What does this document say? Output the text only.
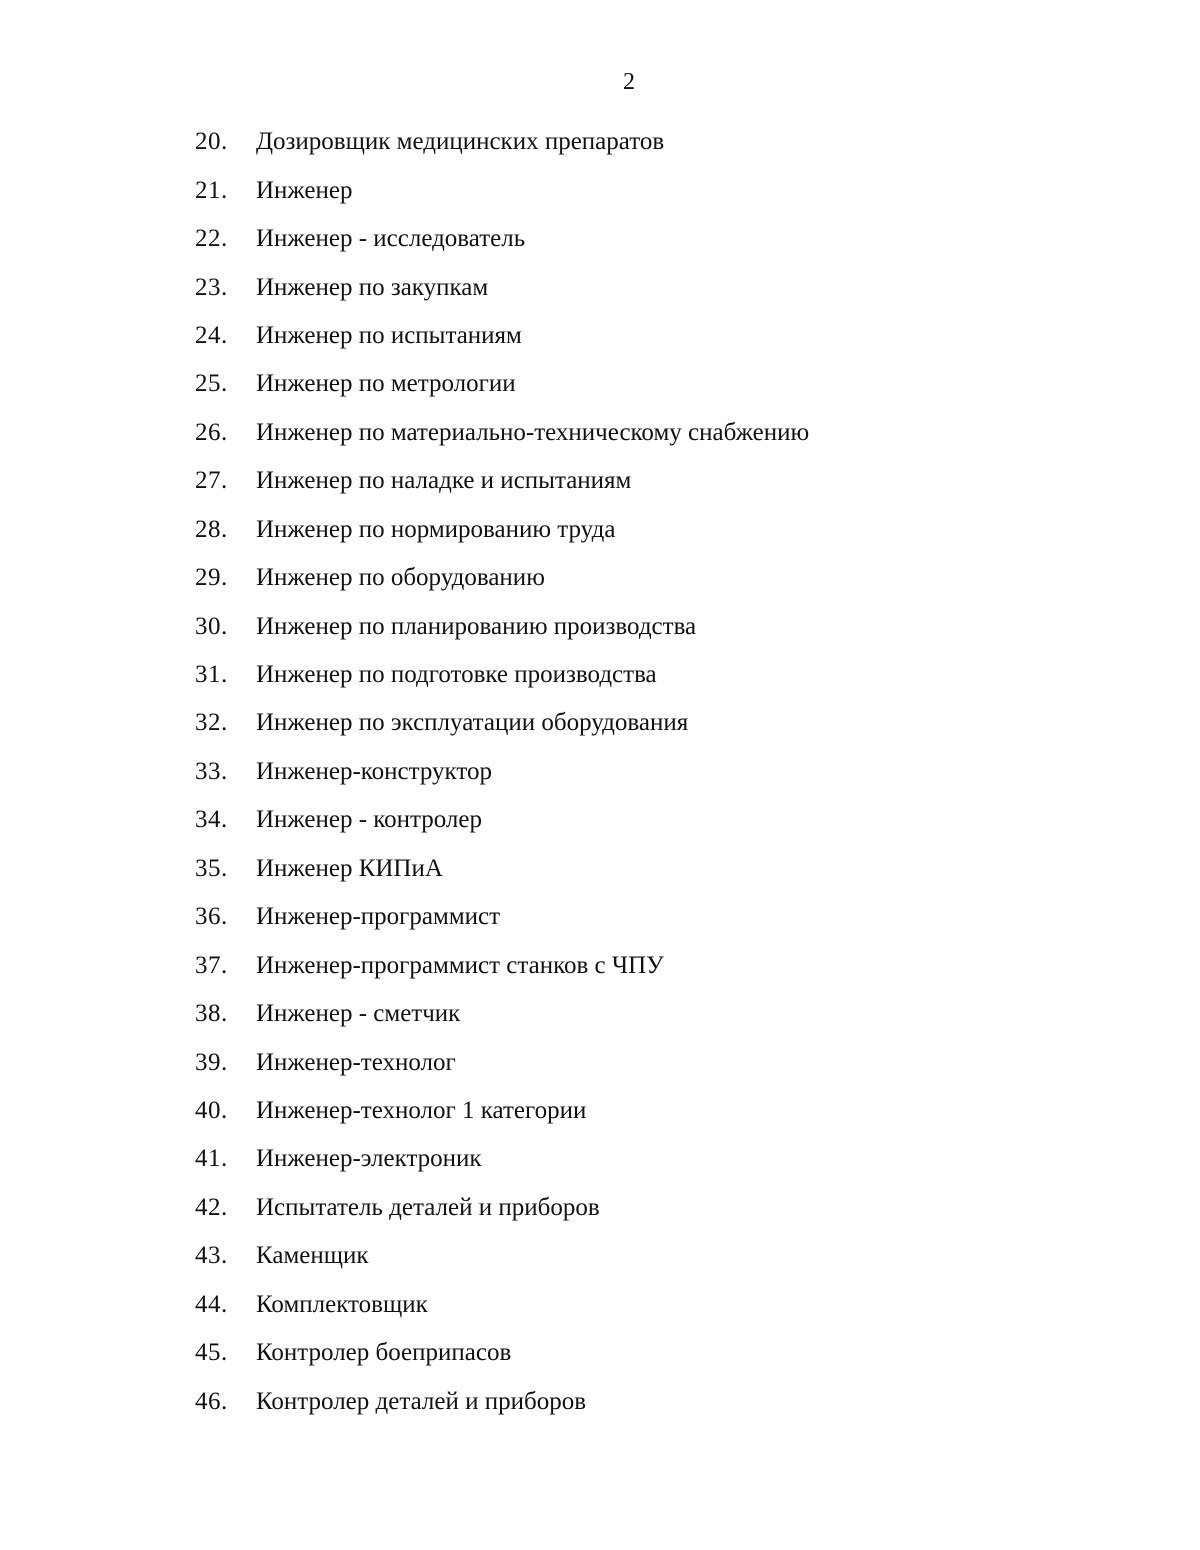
2
20.	Дозировщик медицинских препаратов
21.	Инженер
22.	Инженер - исследователь
23.	Инженер по закупкам
24.	Инженер по испытаниям
25.	Инженер по метрологии
26.	Инженер по материально-техническому снабжению
27.	Инженер по наладке и испытаниям
28.	Инженер по нормированию труда
29.	Инженер по оборудованию
30.	Инженер по планированию производства
31.	Инженер по подготовке производства
32.	Инженер по эксплуатации оборудования
33.	Инженер-конструктор
34.	Инженер - контролер
35.	Инженер КИПиА
36.	Инженер-программист
37.	Инженер-программист станков с ЧПУ
38.	Инженер - сметчик
39.	Инженер-технолог
40.	Инженер-технолог 1 категории
41.	Инженер-электроник
42.	Испытатель деталей и приборов
43.	Каменщик
44.	Комплектовщик
45.	Контролер боеприпасов
46.	Контролер деталей и приборов
